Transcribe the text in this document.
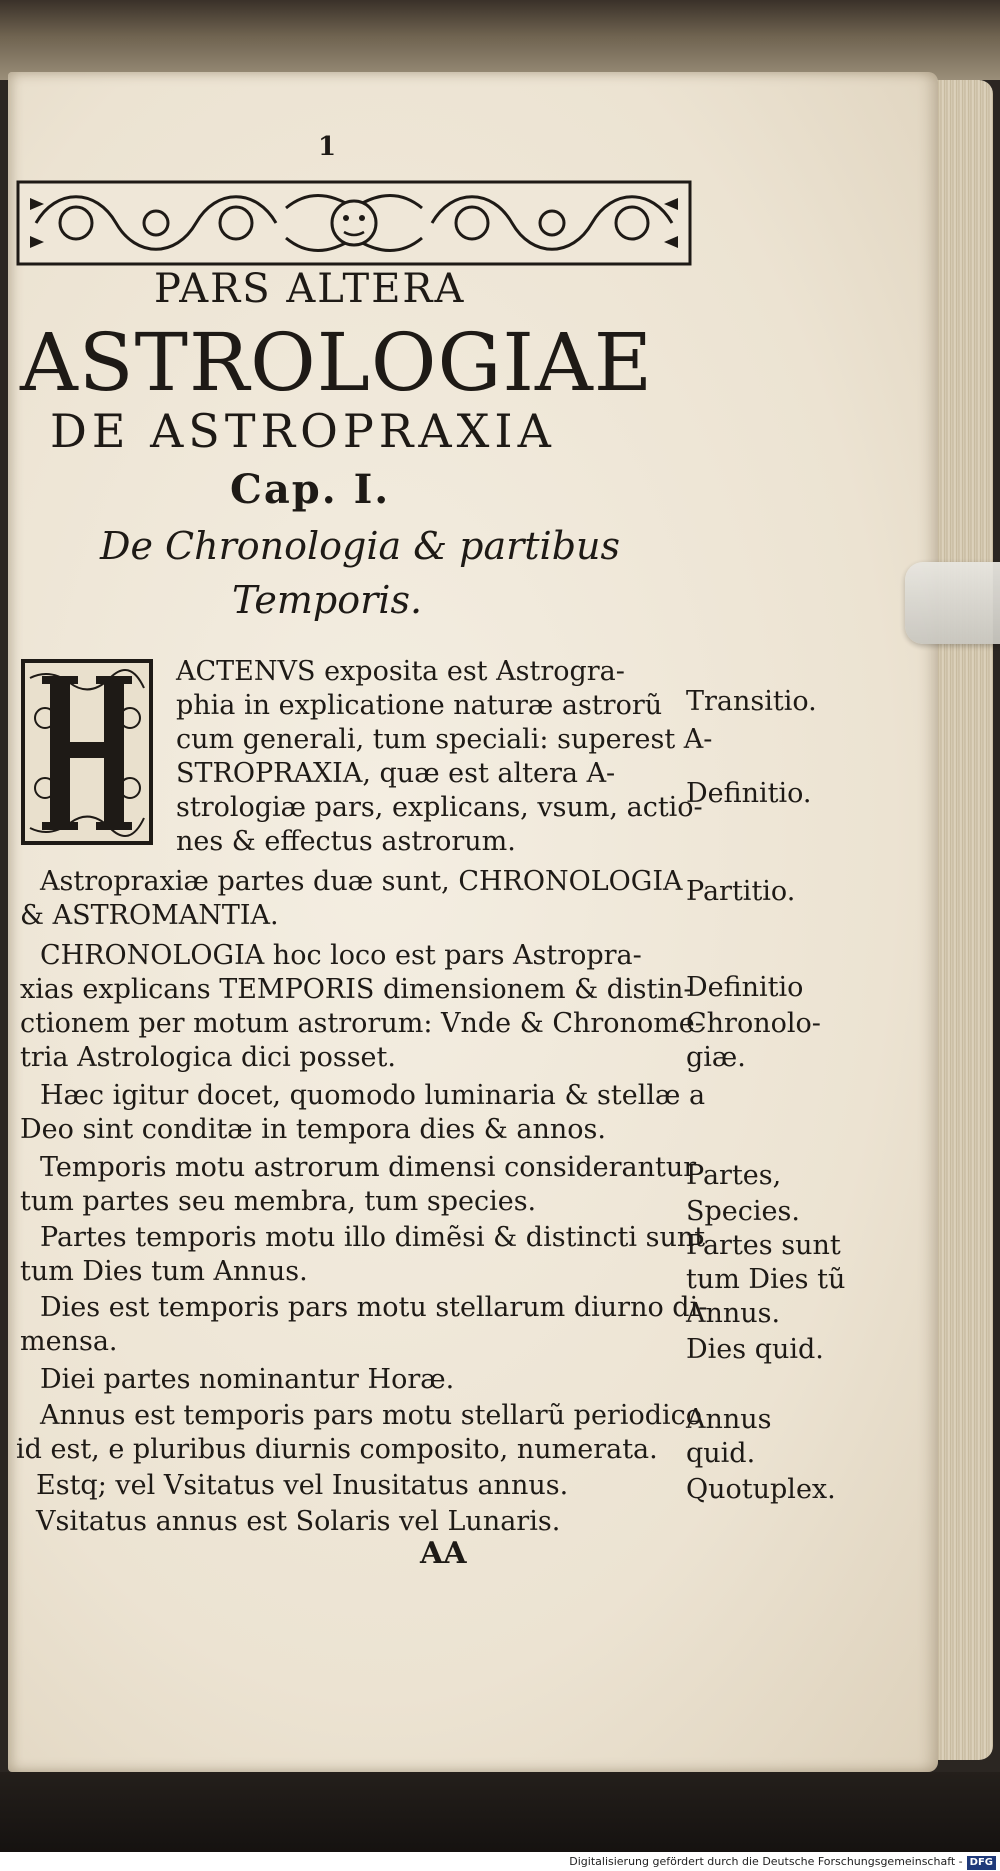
1
PARS ALTERA
ASTROLOGIAE
DE ASTROPRAXIA
Cap. I.
De Chronologia & partibus
Temporis.
ACTENVS exposita est Astrogra-
phia in explicatione naturæ astrorũ
cum generali, tum speciali: superest A-
STROPRAXIA, quæ est altera A-
strologiæ pars, explicans, vsum, actio-
nes & effectus astrorum.
Astropraxiæ partes duæ sunt, CHRONOLOGIA
& ASTROMANTIA.
CHRONOLOGIA hoc loco est pars Astropra-
xias explicans TEMPORIS dimensionem & distin-
ctionem per motum astrorum: Vnde & Chronome-
tria Astrologica dici posset.
Hæc igitur docet, quomodo luminaria & stellæ a
Deo sint conditæ in tempora dies & annos.
Temporis motu astrorum dimensi considerantur
tum partes seu membra, tum species.
Partes temporis motu illo dimẽsi & distincti sunt
tum Dies tum Annus.
Dies est temporis pars motu stellarum diurno di-
mensa.
Diei partes nominantur Horæ.
Annus est temporis pars motu stellarũ periodico
id est, e pluribus diurnis composito, numerata.
Estq; vel Vsitatus vel Inusitatus annus.
Vsitatus annus est Solaris vel Lunaris.
Transitio.
Definitio.
Partitio.
Definitio
Chronolo-
giæ.
Partes,
Species.
Partes sunt
tum Dies tũ
Annus.
Dies quid.
Annus
quid.
Quotuplex.
AA
Digitalisierung gefördert durch die Deutsche Forschungsgemeinschaft - DFG
